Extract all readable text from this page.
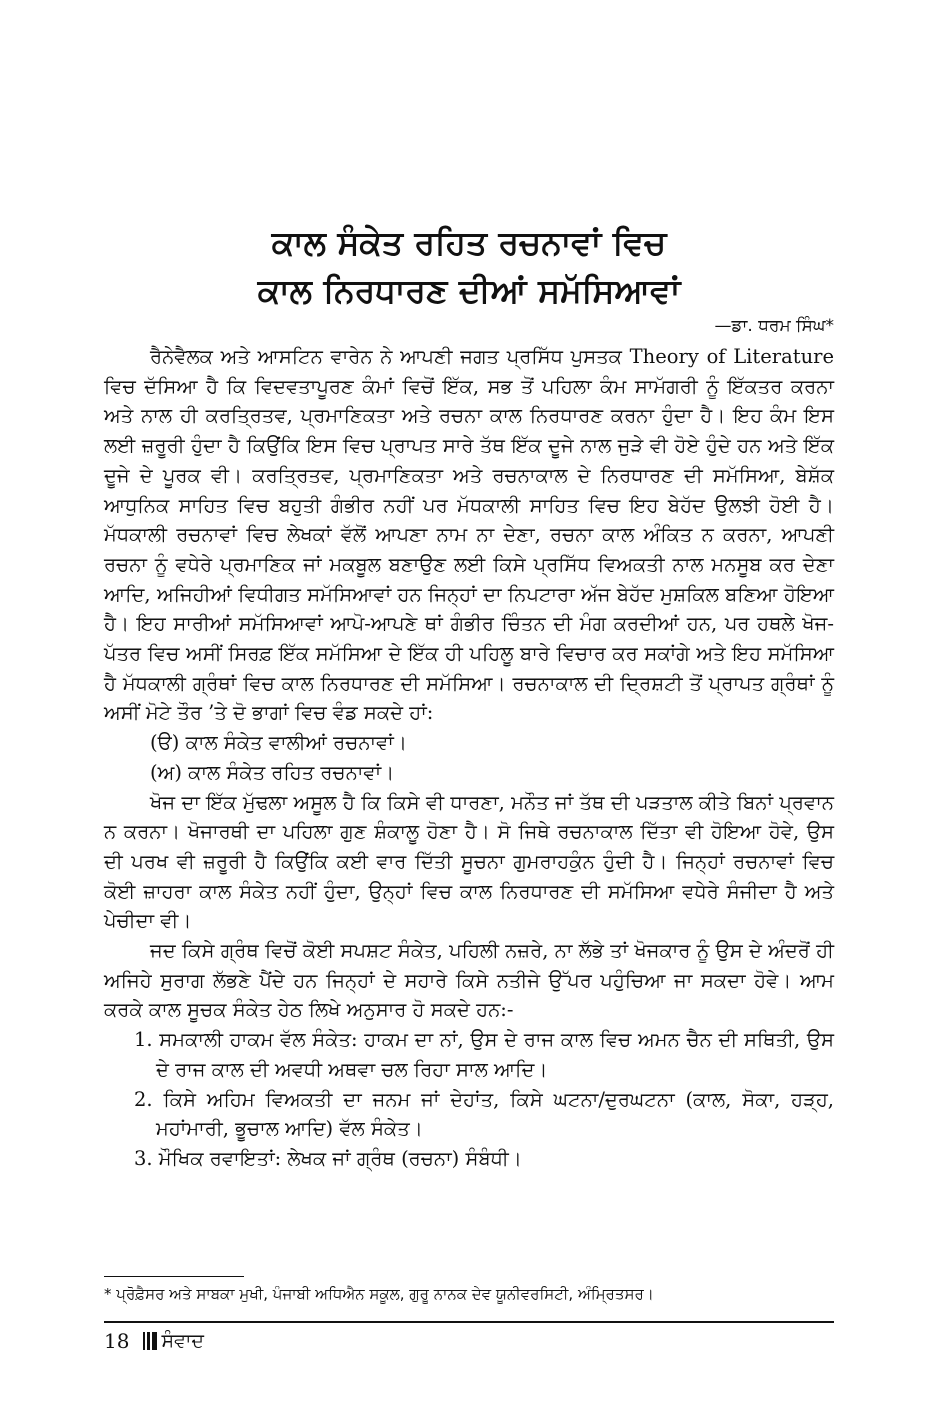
ਕਾਲ ਸੰਕੇਤ ਰਹਿਤ ਰਚਨਾਵਾਂ ਵਿਚ
ਕਾਲ ਨਿਰਧਾਰਣ ਦੀਆਂ ਸਮੱਸਿਆਵਾਂ
—ਡਾ. ਧਰਮ ਸਿੰਘ*

ਰੈਨੇਵੈਲਕ ਅਤੇ ਆਸਟਿਨ ਵਾਰੇਨ ਨੇ ਆਪਣੀ ਜਗਤ ਪ੍ਰਸਿੱਧ ਪੁਸਤਕ Theory of Literature ਵਿਚ ਦੱਸਿਆ ਹੈ ਕਿ ਵਿਦਵਤਾਪੂਰਣ ਕੰਮਾਂ ਵਿਚੋਂ ਇੱਕ, ਸਭ ਤੋਂ ਪਹਿਲਾ ਕੰਮ ਸਾਮੱਗਰੀ ਨੂੰ ਇੱਕਤਰ ਕਰਨਾ ਅਤੇ ਨਾਲ ਹੀ ਕਰਤ੍ਰਿਤਵ, ਪ੍ਰਮਾਣਿਕਤਾ ਅਤੇ ਰਚਨਾ ਕਾਲ ਨਿਰਧਾਰਣ ਕਰਨਾ ਹੁੰਦਾ ਹੈ। ਇਹ ਕੰਮ ਇਸ ਲਈ ਜ਼ਰੂਰੀ ਹੁੰਦਾ ਹੈ ਕਿਉਂਕਿ ਇਸ ਵਿਚ ਪ੍ਰਾਪਤ ਸਾਰੇ ਤੱਥ ਇੱਕ ਦੂਜੇ ਨਾਲ ਜੁੜੇ ਵੀ ਹੋਏ ਹੁੰਦੇ ਹਨ ਅਤੇ ਇੱਕ ਦੂਜੇ ਦੇ ਪੂਰਕ ਵੀ। ਕਰਤ੍ਰਿਤਵ, ਪ੍ਰਮਾਣਿਕਤਾ ਅਤੇ ਰਚਨਾਕਾਲ ਦੇ ਨਿਰਧਾਰਣ ਦੀ ਸਮੱਸਿਆ, ਬੇਸ਼ੱਕ ਆਧੁਨਿਕ ਸਾਹਿਤ ਵਿਚ ਬਹੁਤੀ ਗੰਭੀਰ ਨਹੀਂ ਪਰ ਮੱਧਕਾਲੀ ਸਾਹਿਤ ਵਿਚ ਇਹ ਬੇਹੱਦ ਉਲਝੀ ਹੋਈ ਹੈ। ਮੱਧਕਾਲੀ ਰਚਨਾਵਾਂ ਵਿਚ ਲੇਖਕਾਂ ਵੱਲੋਂ ਆਪਣਾ ਨਾਮ ਨਾ ਦੇਣਾ, ਰਚਨਾ ਕਾਲ ਅੰਕਿਤ ਨ ਕਰਨਾ, ਆਪਣੀ ਰਚਨਾ ਨੂੰ ਵਧੇਰੇ ਪ੍ਰਮਾਣਿਕ ਜਾਂ ਮਕਬੂਲ ਬਣਾਉਣ ਲਈ ਕਿਸੇ ਪ੍ਰਸਿੱਧ ਵਿਅਕਤੀ ਨਾਲ ਮਨਸੂਬ ਕਰ ਦੇਣਾ ਆਦਿ, ਅਜਿਹੀਆਂ ਵਿਧੀਗਤ ਸਮੱਸਿਆਵਾਂ ਹਨ ਜਿਨ੍ਹਾਂ ਦਾ ਨਿਪਟਾਰਾ ਅੱਜ ਬੇਹੱਦ ਮੁਸ਼ਕਿਲ ਬਣਿਆ ਹੋਇਆ ਹੈ। ਇਹ ਸਾਰੀਆਂ ਸਮੱਸਿਆਵਾਂ ਆਪੋ-ਆਪਣੇ ਥਾਂ ਗੰਭੀਰ ਚਿੰਤਨ ਦੀ ਮੰਗ ਕਰਦੀਆਂ ਹਨ, ਪਰ ਹਥਲੇ ਖੋਜ-ਪੱਤਰ ਵਿਚ ਅਸੀਂ ਸਿਰਫ਼ ਇੱਕ ਸਮੱਸਿਆ ਦੇ ਇੱਕ ਹੀ ਪਹਿਲੂ ਬਾਰੇ ਵਿਚਾਰ ਕਰ ਸਕਾਂਗੇ ਅਤੇ ਇਹ ਸਮੱਸਿਆ ਹੈ ਮੱਧਕਾਲੀ ਗ੍ਰੰਥਾਂ ਵਿਚ ਕਾਲ ਨਿਰਧਾਰਣ ਦੀ ਸਮੱਸਿਆ। ਰਚਨਾਕਾਲ ਦੀ ਦ੍ਰਿਸ਼ਟੀ ਤੋਂ ਪ੍ਰਾਪਤ ਗ੍ਰੰਥਾਂ ਨੂੰ ਅਸੀਂ ਮੋਟੇ ਤੌਰ ’ਤੇ ਦੋ ਭਾਗਾਂ ਵਿਚ ਵੰਡ ਸਕਦੇ ਹਾਂ:

(ੳ) ਕਾਲ ਸੰਕੇਤ ਵਾਲੀਆਂ ਰਚਨਾਵਾਂ।

(ਅ) ਕਾਲ ਸੰਕੇਤ ਰਹਿਤ ਰਚਨਾਵਾਂ।

ਖੋਜ ਦਾ ਇੱਕ ਮੁੱਢਲਾ ਅਸੂਲ ਹੈ ਕਿ ਕਿਸੇ ਵੀ ਧਾਰਣਾ, ਮਨੌਤ ਜਾਂ ਤੱਥ ਦੀ ਪੜਤਾਲ ਕੀਤੇ ਬਿਨਾਂ ਪ੍ਰਵਾਨ ਨ ਕਰਨਾ। ਖੋਜਾਰਥੀ ਦਾ ਪਹਿਲਾ ਗੁਣ ਸ਼ੰਕਾਲੂ ਹੋਣਾ ਹੈ। ਸੋ ਜਿਥੇ ਰਚਨਾਕਾਲ ਦਿੱਤਾ ਵੀ ਹੋਇਆ ਹੋਵੇ, ਉਸ ਦੀ ਪਰਖ ਵੀ ਜ਼ਰੂਰੀ ਹੈ ਕਿਉਂਕਿ ਕਈ ਵਾਰ ਦਿੱਤੀ ਸੂਚਨਾ ਗੁਮਰਾਹਕੁੰਨ ਹੁੰਦੀ ਹੈ। ਜਿਨ੍ਹਾਂ ਰਚਨਾਵਾਂ ਵਿਚ ਕੋਈ ਜ਼ਾਹਰਾ ਕਾਲ ਸੰਕੇਤ ਨਹੀਂ ਹੁੰਦਾ, ਉਨ੍ਹਾਂ ਵਿਚ ਕਾਲ ਨਿਰਧਾਰਣ ਦੀ ਸਮੱਸਿਆ ਵਧੇਰੇ ਸੰਜੀਦਾ ਹੈ ਅਤੇ ਪੇਚੀਦਾ ਵੀ।

ਜਦ ਕਿਸੇ ਗ੍ਰੰਥ ਵਿਚੋਂ ਕੋਈ ਸਪਸ਼ਟ ਸੰਕੇਤ, ਪਹਿਲੀ ਨਜ਼ਰੇ, ਨਾ ਲੱਭੇ ਤਾਂ ਖੋਜਕਾਰ ਨੂੰ ਉਸ ਦੇ ਅੰਦਰੋਂ ਹੀ ਅਜਿਹੇ ਸੁਰਾਗ ਲੱਭਣੇ ਪੈਂਦੇ ਹਨ ਜਿਨ੍ਹਾਂ ਦੇ ਸਹਾਰੇ ਕਿਸੇ ਨਤੀਜੇ ਉੱਪਰ ਪਹੁੰਚਿਆ ਜਾ ਸਕਦਾ ਹੋਵੇ। ਆਮ ਕਰਕੇ ਕਾਲ ਸੂਚਕ ਸੰਕੇਤ ਹੇਠ ਲਿਖੇ ਅਨੁਸਾਰ ਹੋ ਸਕਦੇ ਹਨ:-

1. ਸਮਕਾਲੀ ਹਾਕਮ ਵੱਲ ਸੰਕੇਤ: ਹਾਕਮ ਦਾ ਨਾਂ, ਉਸ ਦੇ ਰਾਜ ਕਾਲ ਵਿਚ ਅਮਨ ਚੈਨ ਦੀ ਸਥਿਤੀ, ਉਸ ਦੇ ਰਾਜ ਕਾਲ ਦੀ ਅਵਧੀ ਅਥਵਾ ਚਲ ਰਿਹਾ ਸਾਲ ਆਦਿ।

2. ਕਿਸੇ ਅਹਿਮ ਵਿਅਕਤੀ ਦਾ ਜਨਮ ਜਾਂ ਦੇਹਾਂਤ, ਕਿਸੇ ਘਟਨਾ/ਦੁਰਘਟਨਾ (ਕਾਲ, ਸੋਕਾ, ਹੜ੍ਹ, ਮਹਾਂਮਾਰੀ, ਭੂਚਾਲ ਆਦਿ) ਵੱਲ ਸੰਕੇਤ।

3. ਮੌਖਿਕ ਰਵਾਇਤਾਂ: ਲੇਖਕ ਜਾਂ ਗ੍ਰੰਥ (ਰਚਨਾ) ਸੰਬੰਧੀ।

* ਪ੍ਰੋਫ਼ੈਸਰ ਅਤੇ ਸਾਬਕਾ ਮੁਖੀ, ਪੰਜਾਬੀ ਅਧਿਐਨ ਸਕੂਲ, ਗੁਰੂ ਨਾਨਕ ਦੇਵ ਯੂਨੀਵਰਸਿਟੀ, ਅੰਮ੍ਰਿਤਸਰ।
18 ਸੰਵਾਦ
